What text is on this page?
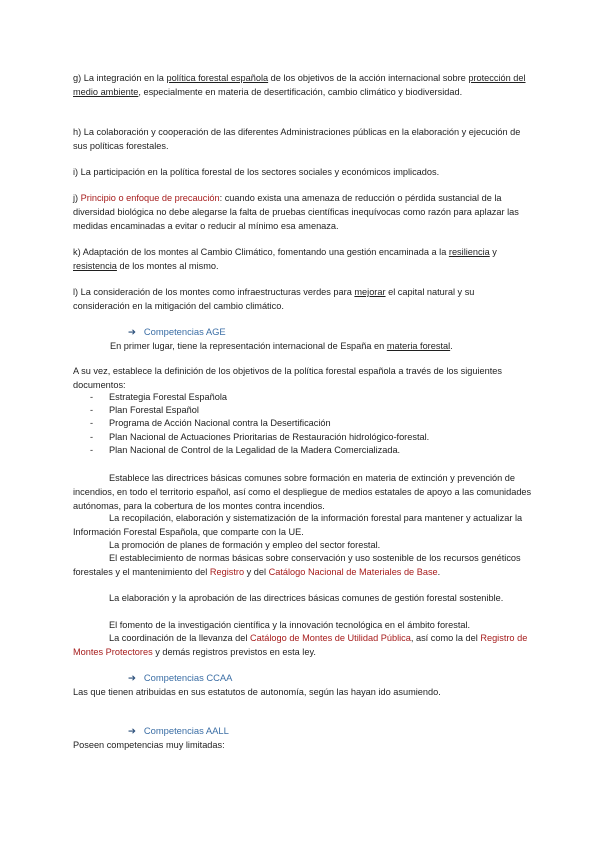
g) La integración en la política forestal española de los objetivos de la acción internacional sobre protección del medio ambiente, especialmente en materia de desertificación, cambio climático y biodiversidad.

h) La colaboración y cooperación de las diferentes Administraciones públicas en la elaboración y ejecución de sus políticas forestales.

i) La participación en la política forestal de los sectores sociales y económicos implicados.

j) Principio o enfoque de precaución: cuando exista una amenaza de reducción o pérdida sustancial de la diversidad biológica no debe alegarse la falta de pruebas científicas inequívocas como razón para aplazar las medidas encaminadas a evitar o reducir al mínimo esa amenaza.

k) Adaptación de los montes al Cambio Climático, fomentando una gestión encaminada a la resiliencia y resistencia de los montes al mismo.

l) La consideración de los montes como infraestructuras verdes para mejorar el capital natural y su consideración en la mitigación del cambio climático.

➔ Competencias AGE

En primer lugar, tiene la representación internacional de España en materia forestal.

A su vez, establece la definición de los objetivos de la política forestal española a través de los siguientes documentos:

- Estrategia Forestal Española
- Plan Forestal Español
- Programa de Acción Nacional contra la Desertificación
- Plan Nacional de Actuaciones Prioritarias de Restauración hidrológico-forestal.
- Plan Nacional de Control de la Legalidad de la Madera Comercializada.

Establece las directrices básicas comunes sobre formación en materia de extinción y prevención de incendios, en todo el territorio español, así como el despliegue de medios estatales de apoyo a las comunidades autónomas, para la cobertura de los montes contra incendios.

La recopilación, elaboración y sistematización de la información forestal para mantener y actualizar la Información Forestal Española, que comparte con la UE.

La promoción de planes de formación y empleo del sector forestal.

El establecimiento de normas básicas sobre conservación y uso sostenible de los recursos genéticos forestales y el mantenimiento del Registro y del Catálogo Nacional de Materiales de Base.

La elaboración y la aprobación de las directrices básicas comunes de gestión forestal sostenible.

El fomento de la investigación científica y la innovación tecnológica en el ámbito forestal.

La coordinación de la llevanza del Catálogo de Montes de Utilidad Pública, así como la del Registro de Montes Protectores y demás registros previstos en esta ley.

➔ Competencias CCAA

Las que tienen atribuidas en sus estatutos de autonomía, según las hayan ido asumiendo.

➔ Competencias AALL

Poseen competencias muy limitadas:
